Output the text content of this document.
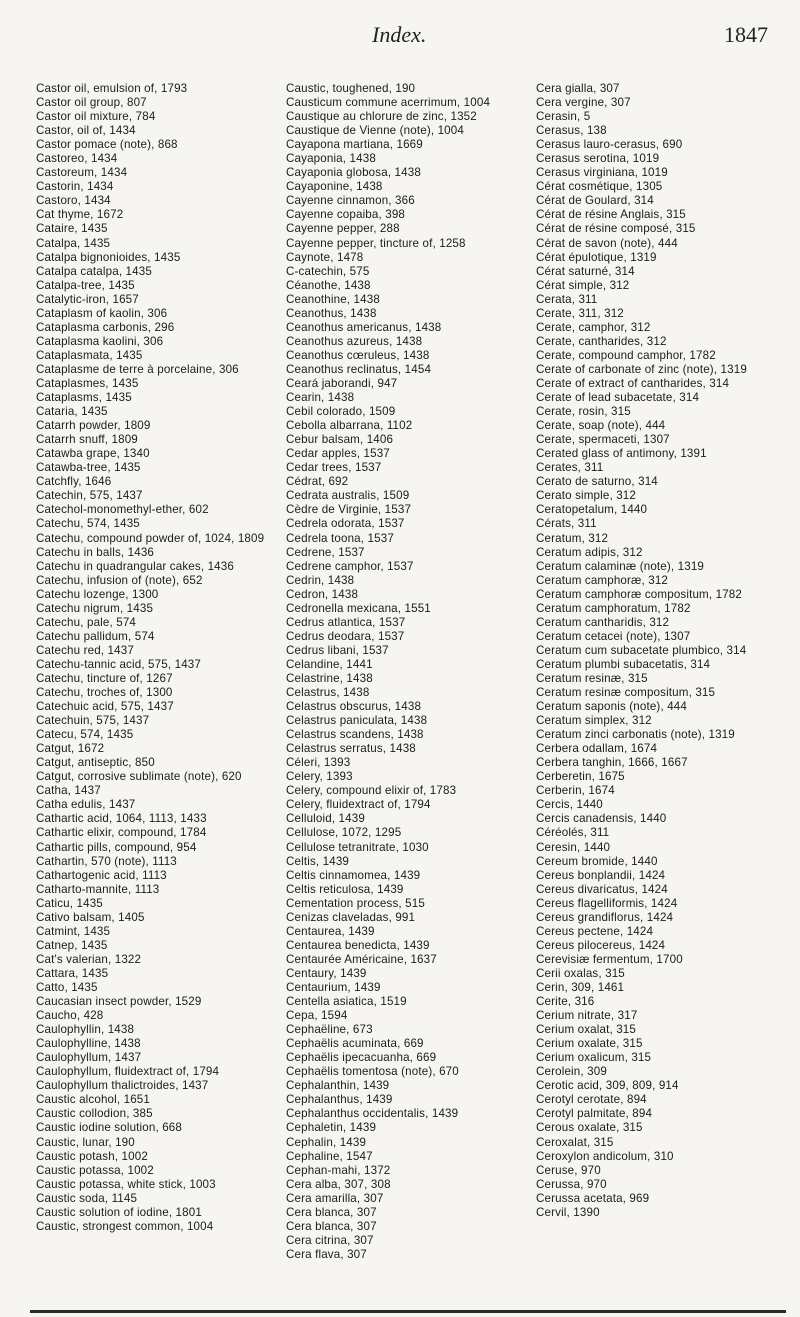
Index.	1847
Castor oil, emulsion of, 1793
Castor oil group, 807
Castor oil mixture, 784
Castor, oil of, 1434
Castor pomace (note), 868
Castoreo, 1434
Castoreum, 1434
Castorin, 1434
Castoro, 1434
Cat thyme, 1672
Cataire, 1435
Catalpa, 1435
Catalpa bignonioides, 1435
Catalpa catalpa, 1435
Catalpa-tree, 1435
Catalytic-iron, 1657
Cataplasm of kaolin, 306
Cataplasma carbonis, 296
Cataplasma kaolini, 306
Cataplasmata, 1435
Cataplasme de terre à porcelaine, 306
Cataplasmes, 1435
Cataplasms, 1435
Cataria, 1435
Catarrh powder, 1809
Catarrh snuff, 1809
Catawba grape, 1340
Catawba-tree, 1435
Catchfly, 1646
Catechin, 575, 1437
Catechol-monomethyl-ether, 602
Catechu, 574, 1435
Catechu, compound powder of, 1024, 1809
Catechu in balls, 1436
Catechu in quadrangular cakes, 1436
Catechu, infusion of (note), 652
Catechu lozenge, 1300
Catechu nigrum, 1435
Catechu, pale, 574
Catechu pallidum, 574
Catechu red, 1437
Catechu-tannic acid, 575, 1437
Catechu, tincture of, 1267
Catechu, troches of, 1300
Catechuic acid, 575, 1437
Catechuin, 575, 1437
Catecu, 574, 1435
Catgut, 1672
Catgut, antiseptic, 850
Catgut, corrosive sublimate (note), 620
Catha, 1437
Catha edulis, 1437
Cathartic acid, 1064, 1113, 1433
Cathartic elixir, compound, 1784
Cathartic pills, compound, 954
Cathartin, 570 (note), 1113
Cathartogenic acid, 1113
Catharto-mannite, 1113
Caticu, 1435
Cativo balsam, 1405
Catmint, 1435
Catnep, 1435
Cat's valerian, 1322
Cattara, 1435
Catto, 1435
Caucasian insect powder, 1529
Caucho, 428
Caulophyllin, 1438
Caulophylline, 1438
Caulophyllum, 1437
Caulophyllum, fluidextract of, 1794
Caulophyllum thalictroides, 1437
Caustic alcohol, 1651
Caustic collodion, 385
Caustic iodine solution, 668
Caustic, lunar, 190
Caustic potash, 1002
Caustic potassa, 1002
Caustic potassa, white stick, 1003
Caustic soda, 1145
Caustic solution of iodine, 1801
Caustic, strongest common, 1004
Caustic, toughened, 190
Causticum commune acerrimum, 1004
Caustique au chlorure de zinc, 1352
Caustique de Vienne (note), 1004
Cayapona martiana, 1669
Cayaponia, 1438
Cayaponia globosa, 1438
Cayaponine, 1438
Cayenne cinnamon, 366
Cayenne copaiba, 398
Cayenne pepper, 288
Cayenne pepper, tincture of, 1258
Caynote, 1478
C-catechin, 575
Céanothe, 1438
Ceanothine, 1438
Ceanothus, 1438
Ceanothus americanus, 1438
Ceanothus azureus, 1438
Ceanothus cœruleus, 1438
Ceanothus reclinatus, 1454
Ceará jaborandi, 947
Cearin, 1438
Cebil colorado, 1509
Cebolla albarrana, 1102
Cebur balsam, 1406
Cedar apples, 1537
Cedar trees, 1537
Cédrat, 692
Cedrata australis, 1509
Cèdre de Virginie, 1537
Cedrela odorata, 1537
Cedrela toona, 1537
Cedrene, 1537
Cedrene camphor, 1537
Cedrin, 1438
Cedron, 1438
Cedronella mexicana, 1551
Cedrus atlantica, 1537
Cedrus deodara, 1537
Cedrus libani, 1537
Celandine, 1441
Celastrine, 1438
Celastrus, 1438
Celastrus obscurus, 1438
Celastrus paniculata, 1438
Celastrus scandens, 1438
Celastrus serratus, 1438
Céleri, 1393
Celery, 1393
Celery, compound elixir of, 1783
Celery, fluidextract of, 1794
Celluloid, 1439
Cellulose, 1072, 1295
Cellulose tetranitrate, 1030
Celtis, 1439
Celtis cinnamomea, 1439
Celtis reticulosa, 1439
Cementation process, 515
Cenizas claveladas, 991
Centaurea, 1439
Centaurea benedicta, 1439
Centaurée Américaine, 1637
Centaury, 1439
Centaurium, 1439
Centella asiatica, 1519
Cepa, 1594
Cephaëline, 673
Cephaëlis acuminata, 669
Cephaëlis ipecacuanha, 669
Cephaëlis tomentosa (note), 670
Cephalanthin, 1439
Cephalanthus, 1439
Cephalanthus occidentalis, 1439
Cephaletin, 1439
Cephalin, 1439
Cephaline, 1547
Cephan-mahi, 1372
Cera alba, 307, 308
Cera amarilla, 307
Cera blanca, 307
Cera blanca, 307
Cera citrina, 307
Cera flava, 307
Cera gialla, 307
Cera vergine, 307
Cerasin, 5
Cerasus, 138
Cerasus lauro-cerasus, 690
Cerasus serotina, 1019
Cerasus virginiana, 1019
Cérat cosmétique, 1305
Cérat de Goulard, 314
Cérat de résine Anglais, 315
Cérat de résine composé, 315
Cérat de savon (note), 444
Cérat épulotique, 1319
Cérat saturné, 314
Cérat simple, 312
Cerata, 311
Cerate, 311, 312
Cerate, camphor, 312
Cerate, cantharides, 312
Cerate, compound camphor, 1782
Cerate of carbonate of zinc (note), 1319
Cerate of extract of cantharides, 314
Cerate of lead subacetate, 314
Cerate, rosin, 315
Cerate, soap (note), 444
Cerate, spermaceti, 1307
Cerated glass of antimony, 1391
Cerates, 311
Cerato de saturno, 314
Cerato simple, 312
Ceratopetalum, 1440
Cérats, 311
Ceratum, 312
Ceratum adipis, 312
Ceratum calaminæ (note), 1319
Ceratum camphoræ, 312
Ceratum camphoræ compositum, 1782
Ceratum camphoratum, 1782
Ceratum cantharidis, 312
Ceratum cetacei (note), 1307
Ceratum cum subacetate plumbico, 314
Ceratum plumbi subacetatis, 314
Ceratum resinæ, 315
Ceratum resinæ compositum, 315
Ceratum saponis (note), 444
Ceratum simplex, 312
Ceratum zinci carbonatis (note), 1319
Cerbera odallam, 1674
Cerbera tanghin, 1666, 1667
Cerberetin, 1675
Cerberin, 1674
Cercis, 1440
Cercis canadensis, 1440
Céréolés, 311
Ceresin, 1440
Cereum bromide, 1440
Cereus bonplandii, 1424
Cereus divaricatus, 1424
Cereus flagelliformis, 1424
Cereus grandiflorus, 1424
Cereus pectene, 1424
Cereus pilocereus, 1424
Cerevisiæ fermentum, 1700
Cerii oxalas, 315
Cerin, 309, 1461
Cerite, 316
Cerium nitrate, 317
Cerium oxalat, 315
Cerium oxalate, 315
Cerium oxalicum, 315
Cerolein, 309
Cerotic acid, 309, 809, 914
Cerotyl cerotate, 894
Cerotyl palmitate, 894
Cerous oxalate, 315
Ceroxalat, 315
Ceroxylon andicolum, 310
Ceruse, 970
Cerussa, 970
Cerussa acetata, 969
Cervil, 1390
